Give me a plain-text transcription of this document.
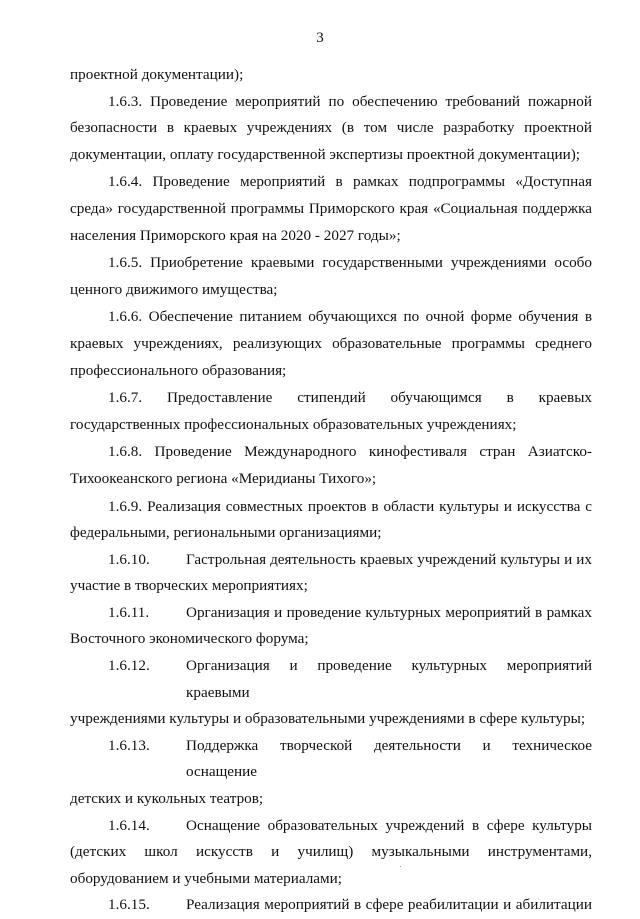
3

проектной документации);

1.6.3. Проведение мероприятий по обеспечению требований пожарной безопасности в краевых учреждениях (в том числе разработку проектной документации, оплату государственной экспертизы проектной документации);

1.6.4. Проведение мероприятий в рамках подпрограммы «Доступная среда» государственной программы Приморского края «Социальная поддержка населения Приморского края на 2020 - 2027 годы»;

1.6.5. Приобретение краевыми государственными учреждениями особо ценного движимого имущества;

1.6.6. Обеспечение питанием обучающихся по очной форме обучения в краевых учреждениях, реализующих образовательные программы среднего профессионального образования;

1.6.7. Предоставление стипендий обучающимся в краевых государственных профессиональных образовательных учреждениях;

1.6.8. Проведение Международного кинофестиваля стран Азиатско-Тихоокеанского региона «Меридианы Тихого»;

1.6.9. Реализация совместных проектов в области культуры и искусства с федеральными, региональными организациями;

1.6.10.	Гастрольная деятельность краевых учреждений культуры и их

участие в творческих мероприятиях;

1.6.11.	Организация и проведение культурных мероприятий в рамках

Восточного экономического форума;

1.6.12.	Организация и проведение культурных мероприятий краевыми

учреждениями культуры и образовательными учреждениями в сфере культуры;

1.6.13.	Поддержка творческой деятельности и техническое оснащение

детских и кукольных театров;

1.6.14.	Оснащение образовательных учреждений в сфере культуры

(детских школ искусств и училищ) музыкальными инструментами, оборудованием и учебными материалами;

1.6.15.	Реализация мероприятий в сфере реабилитации и абилитации
